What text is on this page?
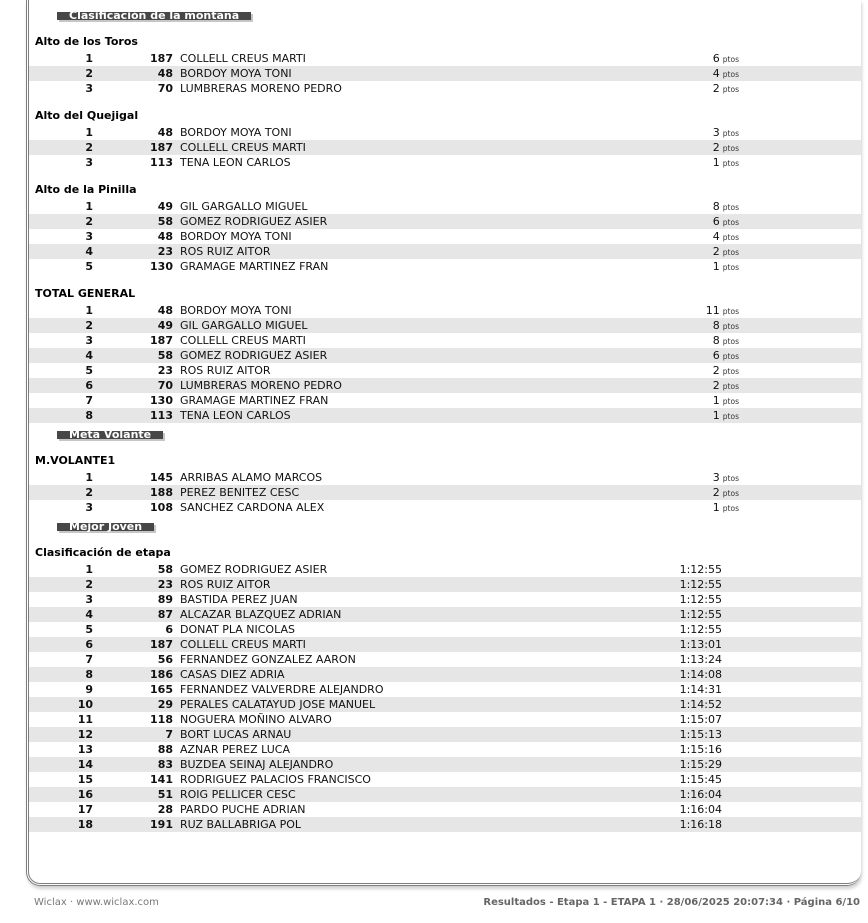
Clasificación de la montaña
Alto de los Toros
1	187 COLLELL CREUS MARTI	6 ptos
2	48 BORDOY MOYA TONI	4 ptos
3	70 LUMBRERAS MORENO PEDRO	2 ptos
Alto del Quejigal
1	48 BORDOY MOYA TONI	3 ptos
2	187 COLLELL CREUS MARTI	2 ptos
3	113 TENA LEON CARLOS	1 ptos
Alto de la Pinilla
1	49 GIL GARGALLO MIGUEL	8 ptos
2	58 GOMEZ RODRIGUEZ ASIER	6 ptos
3	48 BORDOY MOYA TONI	4 ptos
4	23 ROS RUIZ AITOR	2 ptos
5	130 GRAMAGE MARTINEZ FRAN	1 ptos
TOTAL GENERAL
1	48 BORDOY MOYA TONI	11 ptos
2	49 GIL GARGALLO MIGUEL	8 ptos
3	187 COLLELL CREUS MARTI	8 ptos
4	58 GOMEZ RODRIGUEZ ASIER	6 ptos
5	23 ROS RUIZ AITOR	2 ptos
6	70 LUMBRERAS MORENO PEDRO	2 ptos
7	130 GRAMAGE MARTINEZ FRAN	1 ptos
8	113 TENA LEON CARLOS	1 ptos
Meta Volante
M.VOLANTE1
1	145 ARRIBAS ALAMO MARCOS	3 ptos
2	188 PEREZ BENITEZ CESC	2 ptos
3	108 SANCHEZ CARDONA ALEX	1 ptos
Mejor Joven
Clasificación de etapa
1	58 GOMEZ RODRIGUEZ ASIER	1:12:55
2	23 ROS RUIZ AITOR	1:12:55
3	89 BASTIDA PEREZ JUAN	1:12:55
4	87 ALCAZAR BLAZQUEZ ADRIAN	1:12:55
5	6 DONAT PLA NICOLAS	1:12:55
6	187 COLLELL CREUS MARTI	1:13:01
7	56 FERNANDEZ GONZALEZ AARON	1:13:24
8	186 CASAS DIEZ ADRIA	1:14:08
9	165 FERNANDEZ VALVERDRE ALEJANDRO	1:14:31
10	29 PERALES CALATAYUD JOSE MANUEL	1:14:52
11	118 NOGUERA MOÑINO ALVARO	1:15:07
12	7 BORT LUCAS ARNAU	1:15:13
13	88 AZNAR PEREZ LUCA	1:15:16
14	83 BUZDEA SEINAJ ALEJANDRO	1:15:29
15	141 RODRIGUEZ PALACIOS FRANCISCO	1:15:45
16	51 ROIG PELLICER CESC	1:16:04
17	28 PARDO PUCHE ADRIAN	1:16:04
18	191 RUZ BALLABRIGA POL	1:16:18
Wiclax · www.wiclax.com	Resultados - Etapa 1 - ETAPA 1 · 28/06/2025 20:07:34 · Página 6/10
